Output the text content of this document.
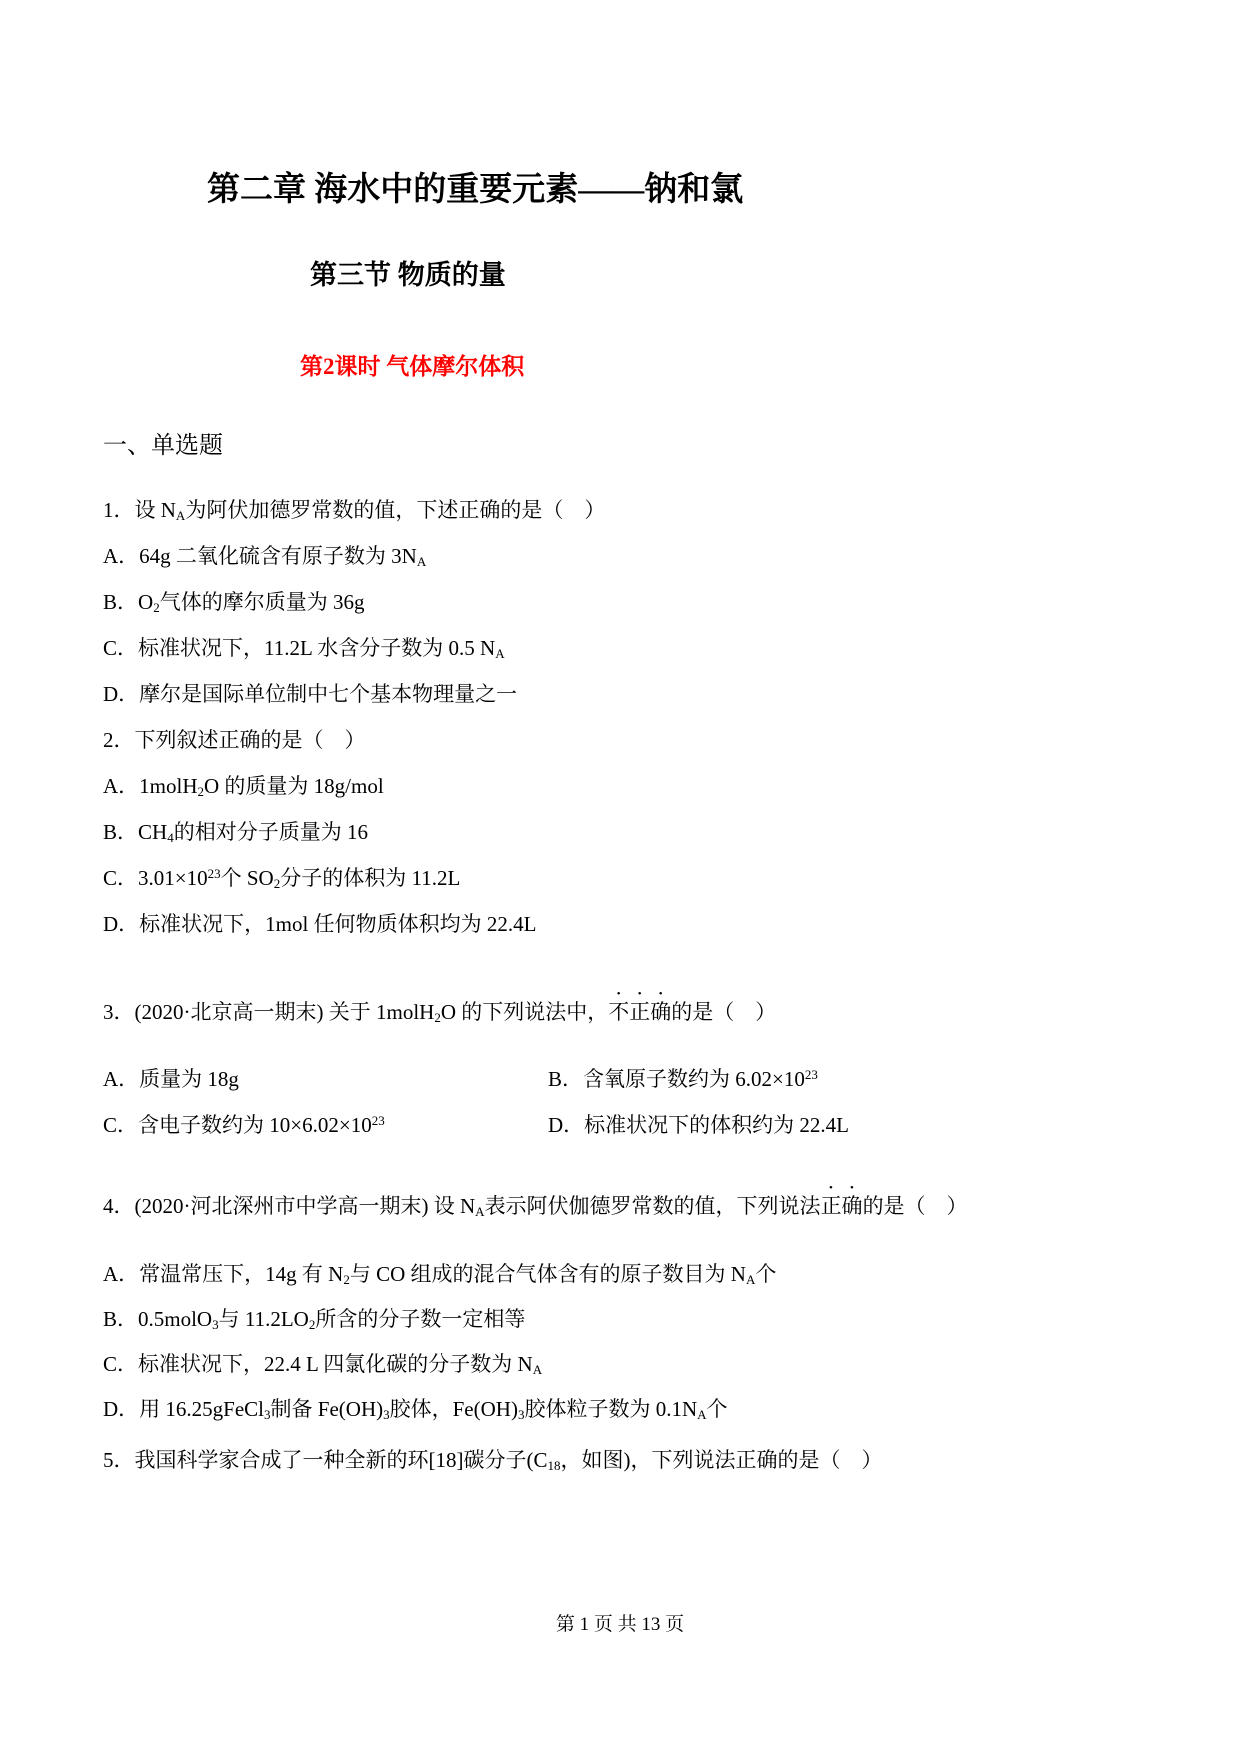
第二章 海水中的重要元素——钠和氯
第三节 物质的量
第2课时 气体摩尔体积
一、单选题

1．设 $N_A$为阿伏加德罗常数的值，下述正确的是（　）

A．64g 二氧化硫含有原子数为 $3N_A$

B．$O_2$气体的摩尔质量为 36g

C．标准状况下，11.2L 水含分子数为 0.5 $N_A$

D．摩尔是国际单位制中七个基本物理量之一

2．下列叙述正确的是（　）

A．1molH$_2$O 的质量为 18g/mol

B．$CH_4$的相对分子质量为 16

C．$3.01\times 10^{23}$个 $SO_2$分子的体积为 11.2L

D．标准状况下，1mol 任何物质体积均为 22.4L

3．(2020·北京高一期末) 关于 1molH$_2$O 的下列说法中，不正确的是（　）

A．质量为 18g	B．含氧原子数约为 $6.02\times 10^{23}$

C．含电子数约为 $10\times 6.02\times 10^{23}$	D．标准状况下的体积约为 22.4L

4．(2020·河北深州市中学高一期末) 设 $N_A$表示阿伏伽德罗常数的值，下列说法正确的是（　）

A．常温常压下，14g 有 $N_2$与 CO 组成的混合气体含有的原子数目为 $N_A$个

B．0.5molO$_3$与 $11.2LO_2$所含的分子数一定相等

C．标准状况下，22.4 L 四氯化碳的分子数为 $N_A$

D．用 16.25gFeCl$_3$制备 $Fe(OH)_3$胶体，$Fe(OH)_3$胶体粒子数为 $0.1N_A$个

5．我国科学家合成了一种全新的环[18]碳分子($C_{18}$，如图)，下列说法正确的是（　）

第 1 页 共 13 页
